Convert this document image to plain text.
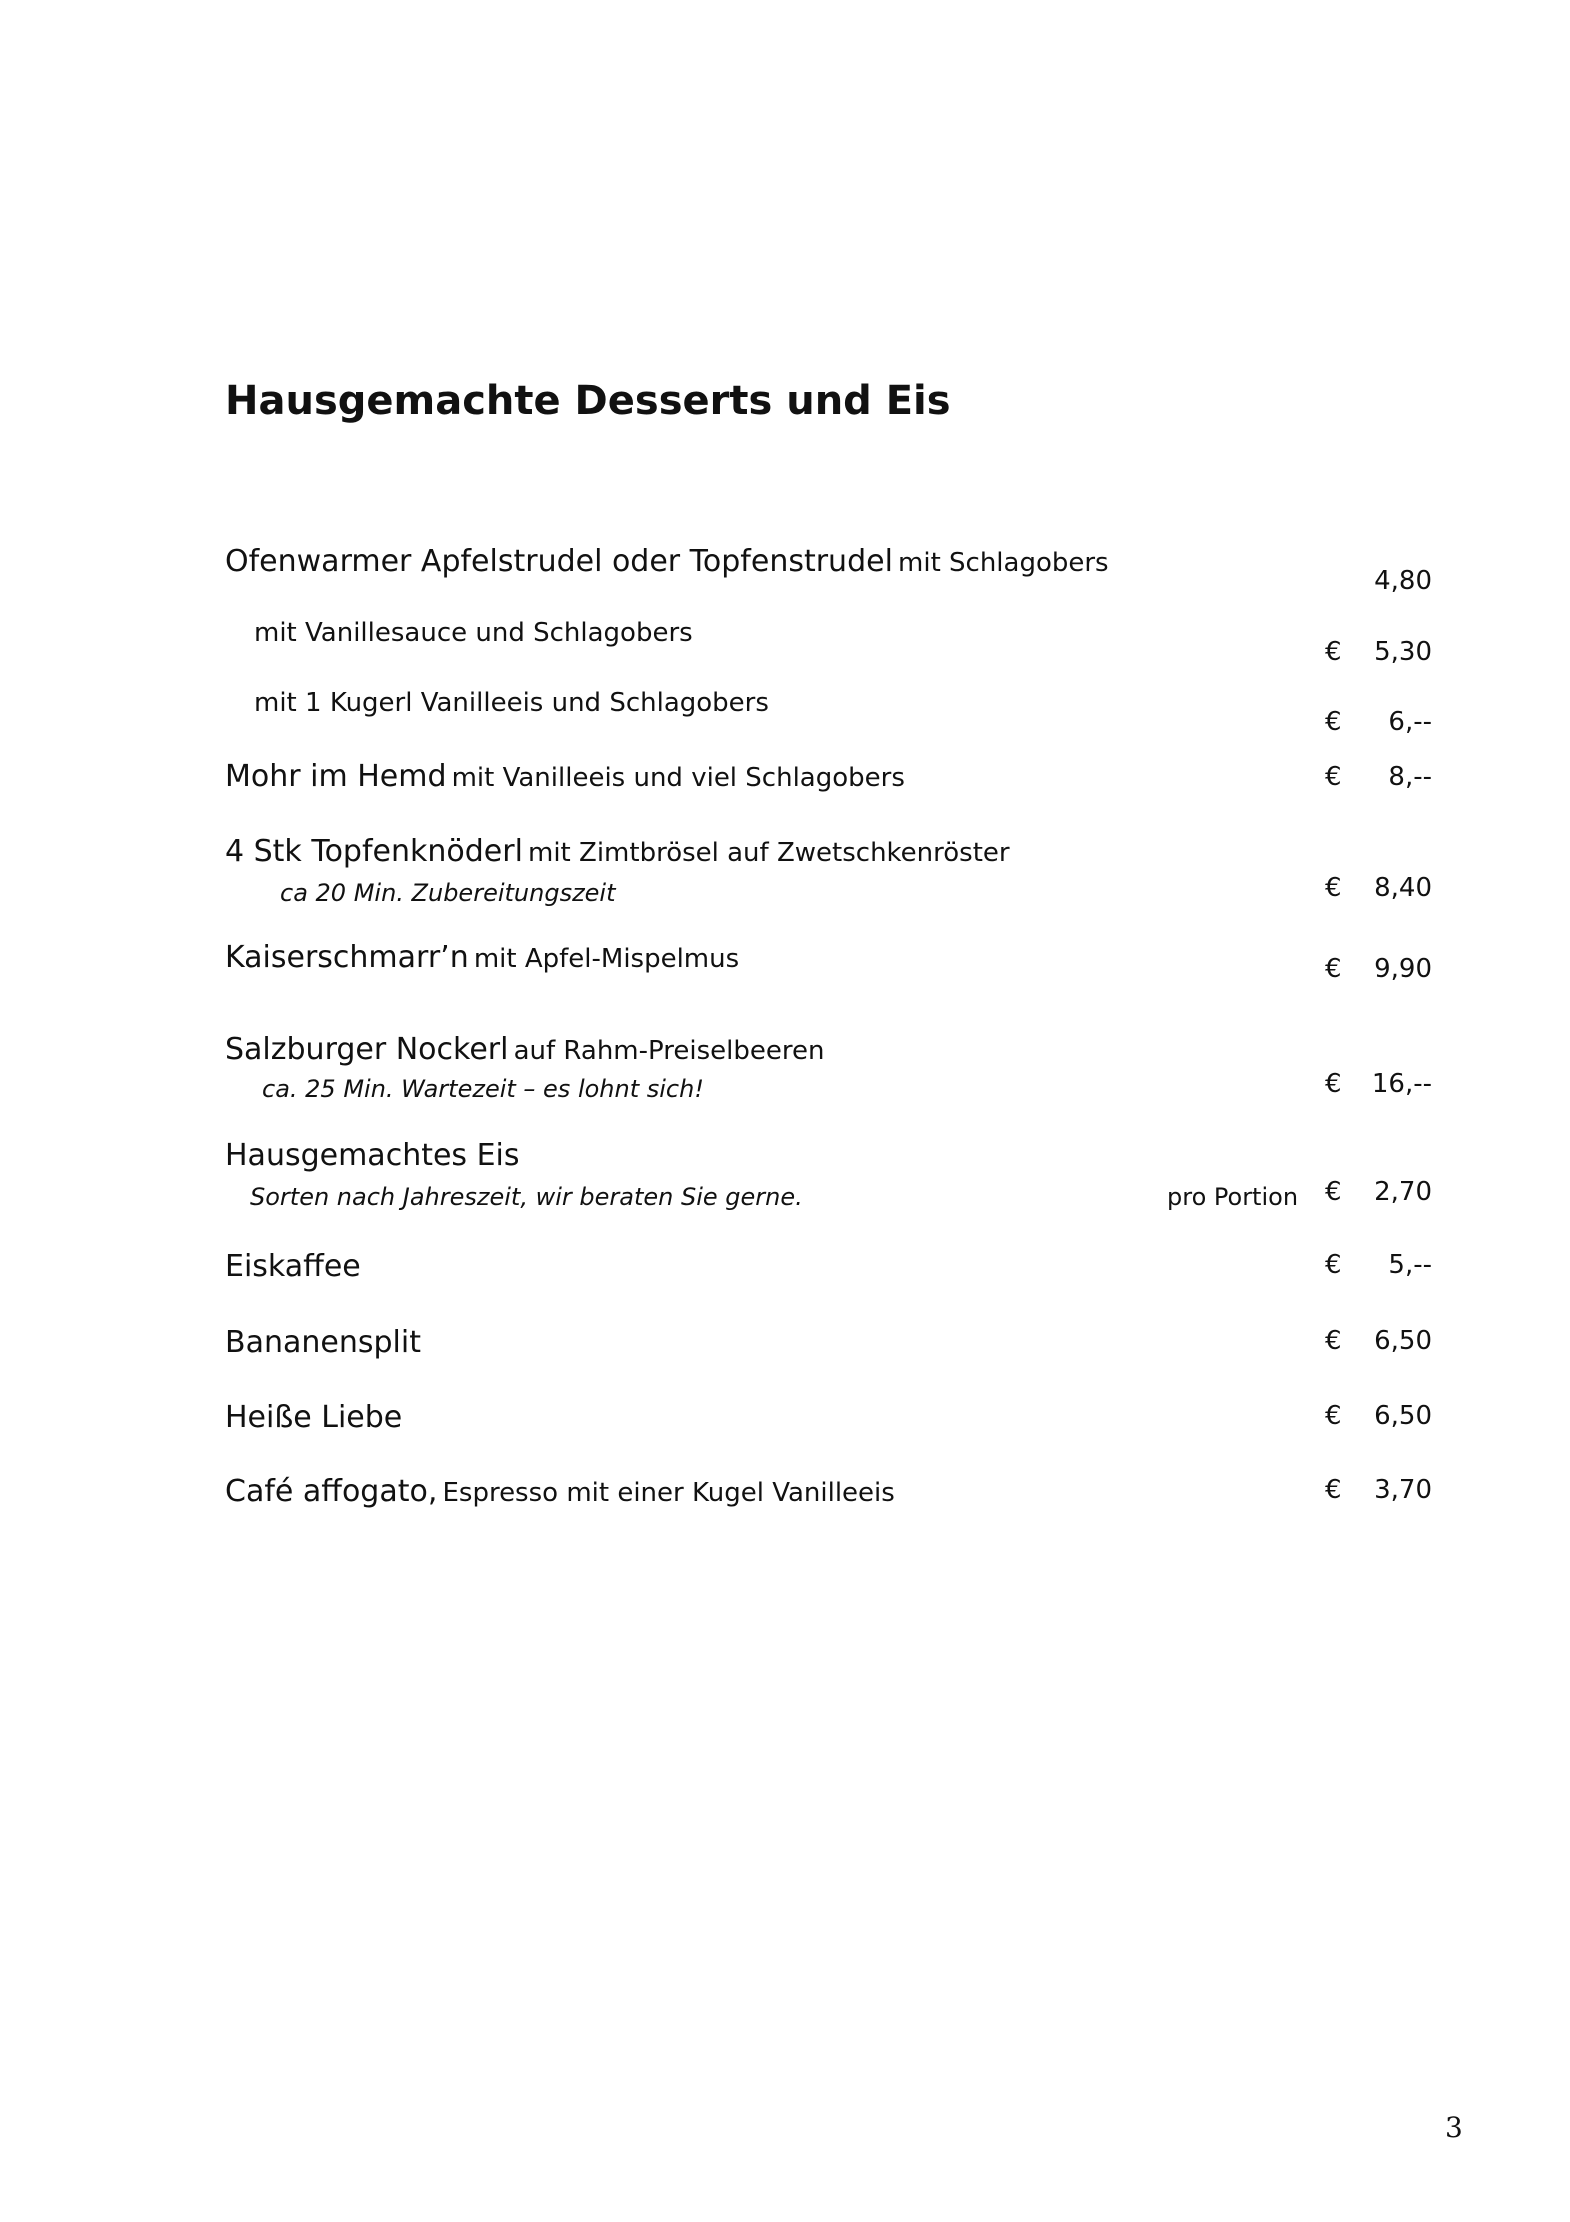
Hausgemachte Desserts und Eis
Ofenwarmer Apfelstrudel oder Topfenstrudel mit Schlagobers
4,80
mit Vanillesauce und Schlagobers
€ 5,30
mit 1 Kugerl Vanilleeis und Schlagobers
€ 6,--
Mohr im Hemd mit Vanilleeis und viel Schlagobers	€ 8,--
4 Stk Topfenknöderl mit Zimtbrösel auf Zwetschkenröster
ca 20 Min. Zubereitungszeit	€ 8,40
Kaiserschmarr’n mit Apfel-Mispelmus	€ 9,90
Salzburger Nockerl auf Rahm-Preiselbeeren
ca. 25 Min. Wartezeit – es lohnt sich!	€ 16,--
Hausgemachtes Eis
Sorten nach Jahreszeit, wir beraten Sie gerne.	pro Portion € 2,70
Eiskaffee	€ 5,--
Bananensplit	€ 6,50
Heiße Liebe	€ 6,50
Café affogato, Espresso mit einer Kugel Vanilleeis	€ 3,70
3
